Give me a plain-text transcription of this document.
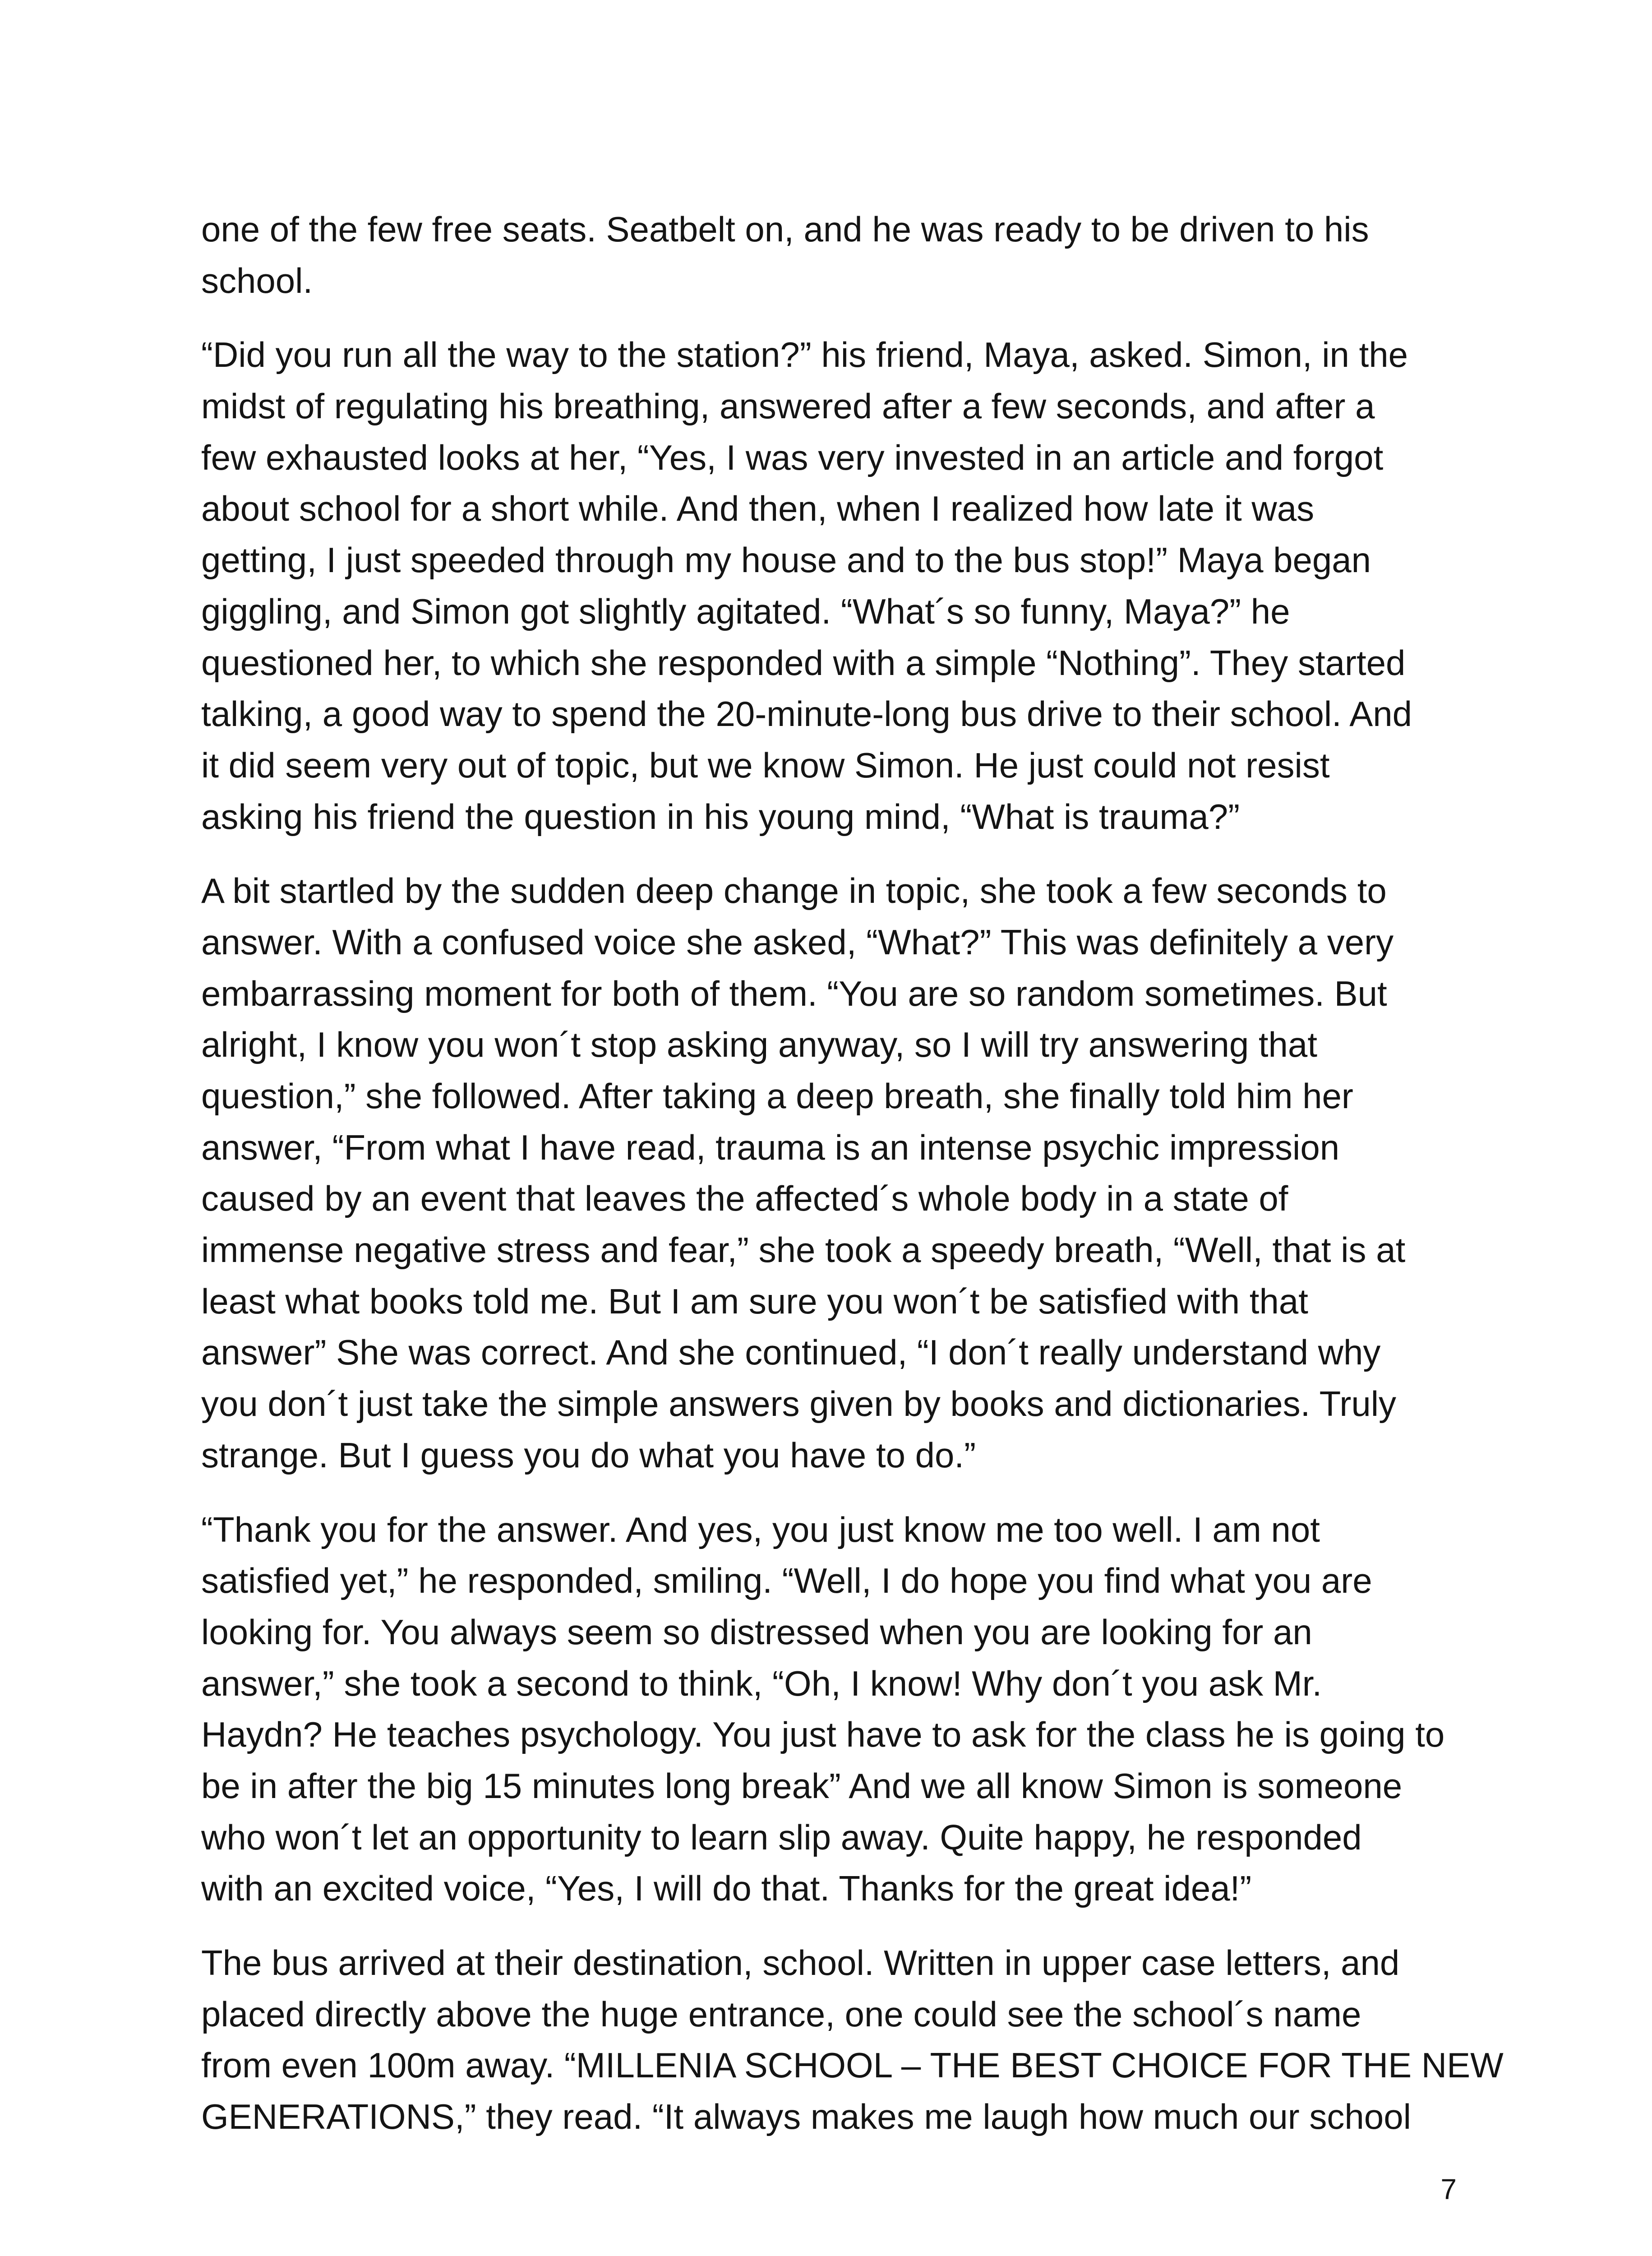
one of the few free seats. Seatbelt on, and he was ready to be driven to his
school.

“Did you run all the way to the station?” his friend, Maya, asked. Simon, in the
midst of regulating his breathing, answered after a few seconds, and after a
few exhausted looks at her, “Yes, I was very invested in an article and forgot
about school for a short while. And then, when I realized how late it was
getting, I just speeded through my house and to the bus stop!” Maya began
giggling, and Simon got slightly agitated. “What´s so funny, Maya?” he
questioned her, to which she responded with a simple “Nothing”. They started
talking, a good way to spend the 20-minute-long bus drive to their school. And
it did seem very out of topic, but we know Simon. He just could not resist
asking his friend the question in his young mind, “What is trauma?”

A bit startled by the sudden deep change in topic, she took a few seconds to
answer. With a confused voice she asked, “What?” This was definitely a very
embarrassing moment for both of them. “You are so random sometimes. But
alright, I know you won´t stop asking anyway, so I will try answering that
question,” she followed. After taking a deep breath, she finally told him her
answer, “From what I have read, trauma is an intense psychic impression
caused by an event that leaves the affected´s whole body in a state of
immense negative stress and fear,” she took a speedy breath, “Well, that is at
least what books told me. But I am sure you won´t be satisfied with that
answer” She was correct. And she continued, “I don´t really understand why
you don´t just take the simple answers given by books and dictionaries. Truly
strange. But I guess you do what you have to do.”

“Thank you for the answer. And yes, you just know me too well. I am not
satisfied yet,” he responded, smiling. “Well, I do hope you find what you are
looking for. You always seem so distressed when you are looking for an
answer,” she took a second to think, “Oh, I know! Why don´t you ask Mr.
Haydn? He teaches psychology. You just have to ask for the class he is going to
be in after the big 15 minutes long break” And we all know Simon is someone
who won´t let an opportunity to learn slip away. Quite happy, he responded
with an excited voice, “Yes, I will do that. Thanks for the great idea!”

The bus arrived at their destination, school. Written in upper case letters, and
placed directly above the huge entrance, one could see the school´s name
from even 100m away. “MILLENIA SCHOOL – THE BEST CHOICE FOR THE NEW
GENERATIONS,” they read. “It always makes me laugh how much our school

7
